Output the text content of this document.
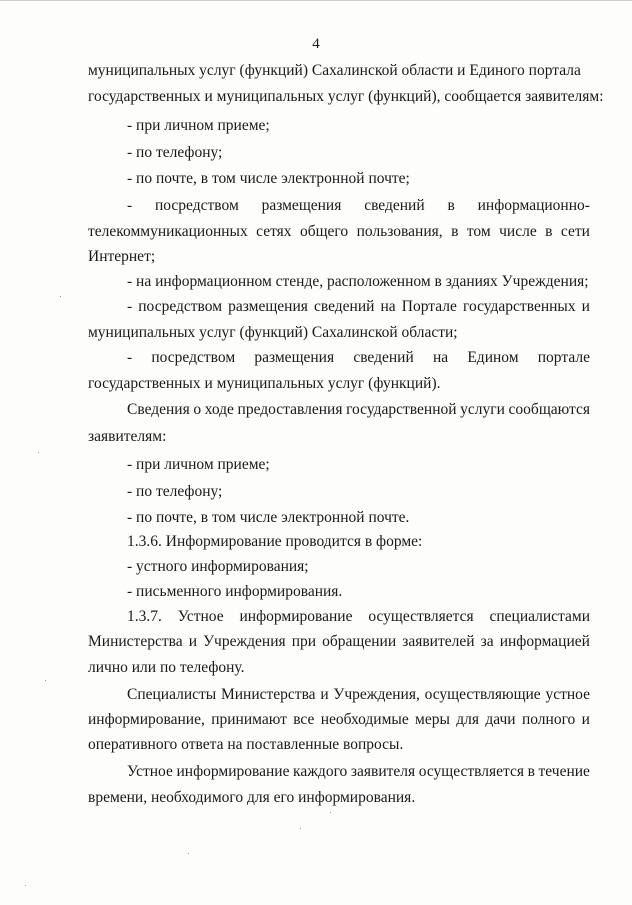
4
муниципальных услуг (функций) Сахалинской области и Единого портала
государственных и муниципальных услуг (функций), сообщается заявителям:
- при личном приеме;
- по телефону;
- по почте, в том числе электронной почте;
- посредством размещения сведений в информационно-
телекоммуникационных сетях общего пользования, в том числе в сети
Интернет;
- на информационном стенде, расположенном в зданиях Учреждения;
- посредством размещения сведений на Портале государственных и
муниципальных услуг (функций) Сахалинской области;
- посредством размещения сведений на Едином портале
государственных и муниципальных услуг (функций).
Сведения о ходе предоставления государственной услуги сообщаются
заявителям:
- при личном приеме;
- по телефону;
- по почте, в том числе электронной почте.
1.3.6. Информирование проводится в форме:
- устного информирования;
- письменного информирования.
1.3.7. Устное информирование осуществляется специалистами
Министерства и Учреждения при обращении заявителей за информацией
лично или по телефону.
Специалисты Министерства и Учреждения, осуществляющие устное
информирование, принимают все необходимые меры для дачи полного и
оперативного ответа на поставленные вопросы.
Устное информирование каждого заявителя осуществляется в течение
времени, необходимого для его информирования.
